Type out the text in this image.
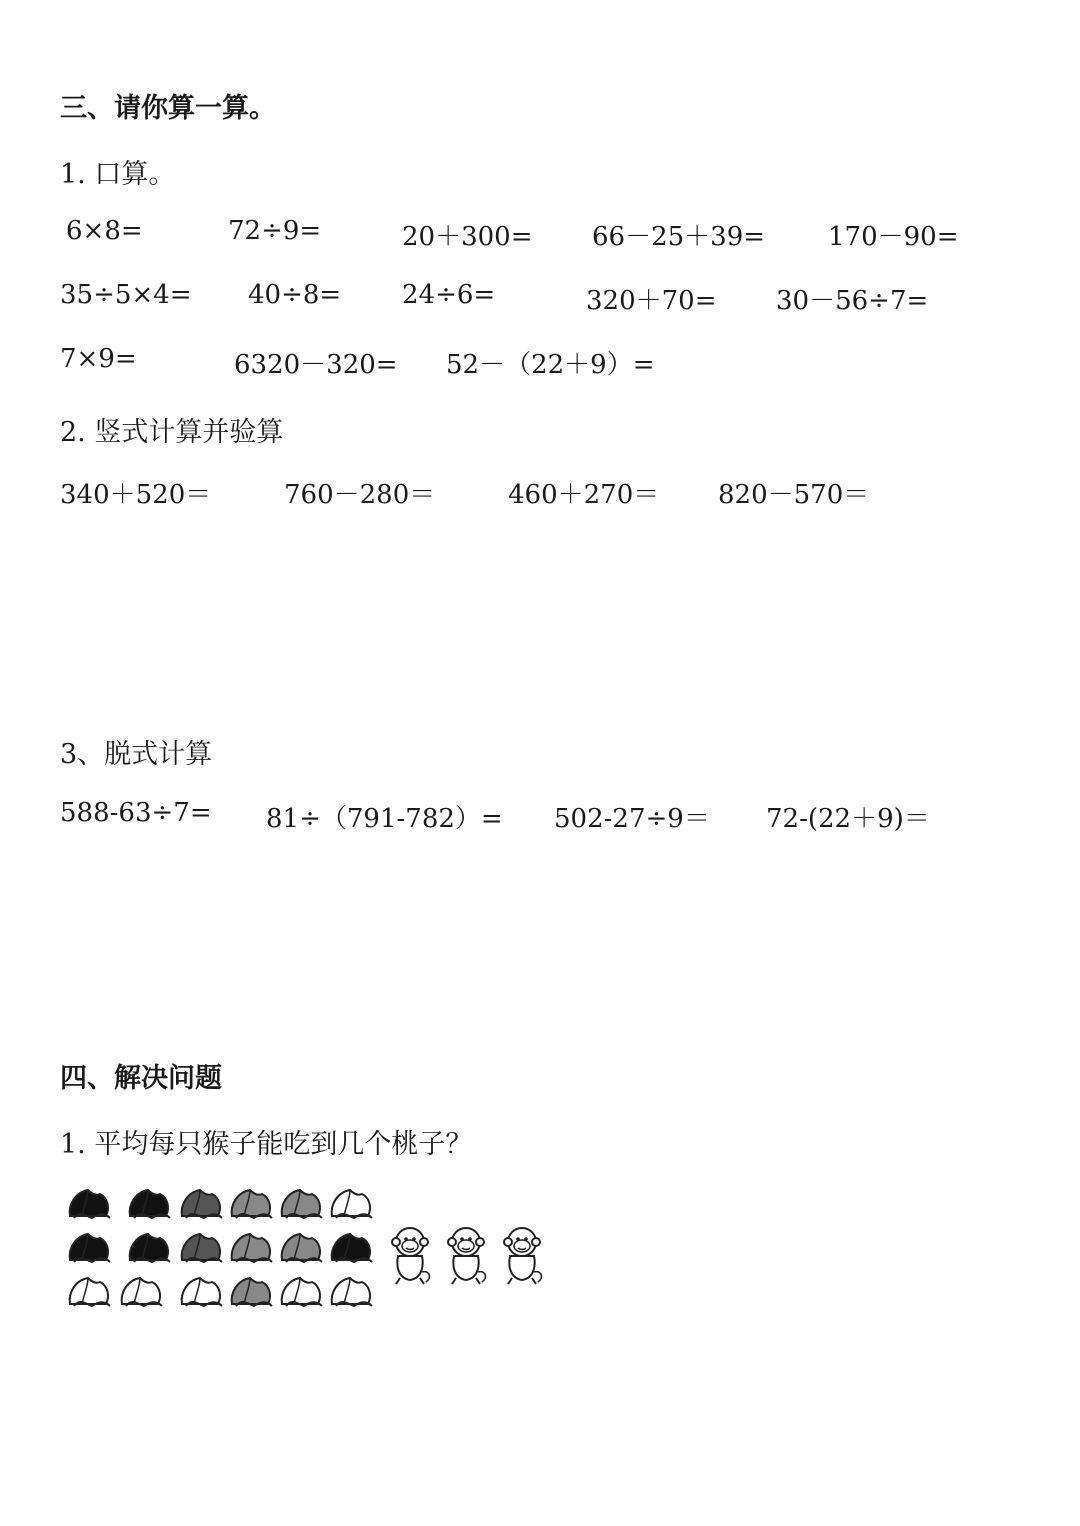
三、请你算一算。
1. 口算。
6×8=	72÷9=	20＋300= 66－25＋39= 170－90=
35÷5×4= 40÷8= 24÷6=	320＋70= 30－56÷7=
7×9=	6320－320= 52－（22＋9）=
2. 竖式计算并验算
340＋520＝	760－280＝	460＋270＝ 820－570＝
3、脱式计算
588-63÷7= 81÷（791-782）= 502-27÷9＝ 72-(22＋9)＝
四、解决问题
1. 平均每只猴子能吃到几个桃子？
